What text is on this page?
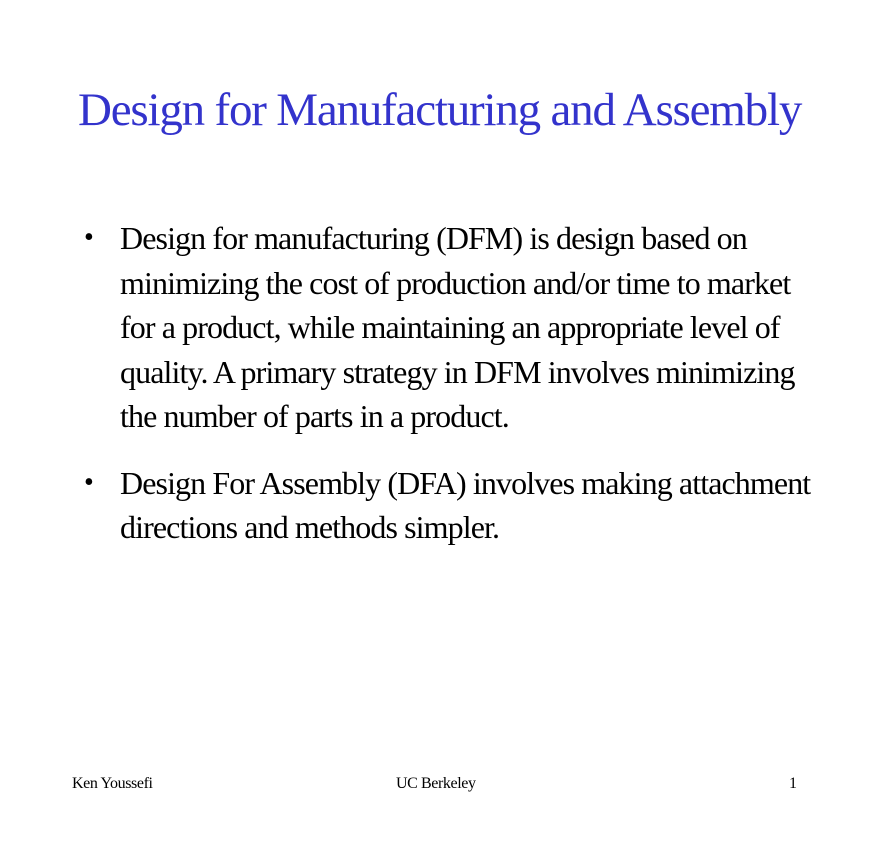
Design for Manufacturing and Assembly
• Design for manufacturing (DFM) is design based on minimizing the cost of production and/or time to market for a product, while maintaining an appropriate level of quality. A primary strategy in DFM involves minimizing the number of parts in a product.
• Design For Assembly (DFA) involves making attachment directions and methods simpler.
Ken Youssefi	UC Berkeley	1
